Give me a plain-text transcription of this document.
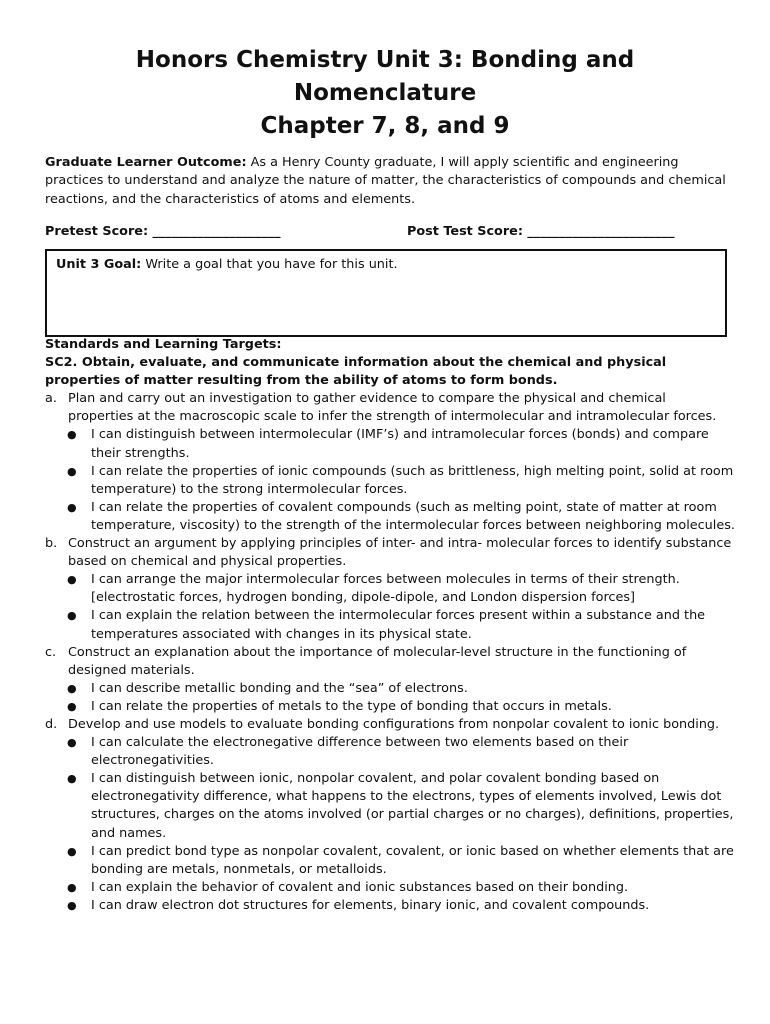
Honors Chemistry Unit 3: Bonding and
Nomenclature
Chapter 7, 8, and 9
Graduate Learner Outcome: As a Henry County graduate, I will apply scientific and engineering practices to understand and analyze the nature of matter, the characteristics of compounds and chemical reactions, and the characteristics of atoms and elements.
Pretest Score: ____________________	Post Test Score: _______________________
Unit 3 Goal: Write a goal that you have for this unit.
Standards and Learning Targets:
SC2. Obtain, evaluate, and communicate information about the chemical and physical properties of matter resulting from the ability of atoms to form bonds.
a. Plan and carry out an investigation to gather evidence to compare the physical and chemical properties at the macroscopic scale to infer the strength of intermolecular and intramolecular forces.
● I can distinguish between intermolecular (IMF’s) and intramolecular forces (bonds) and compare their strengths.
● I can relate the properties of ionic compounds (such as brittleness, high melting point, solid at room temperature) to the strong intermolecular forces.
● I can relate the properties of covalent compounds (such as melting point, state of matter at room temperature, viscosity) to the strength of the intermolecular forces between neighboring molecules.
b. Construct an argument by applying principles of inter- and intra- molecular forces to identify substance based on chemical and physical properties.
● I can arrange the major intermolecular forces between molecules in terms of their strength. [electrostatic forces, hydrogen bonding, dipole-dipole, and London dispersion forces]
● I can explain the relation between the intermolecular forces present within a substance and the temperatures associated with changes in its physical state.
c. Construct an explanation about the importance of molecular-level structure in the functioning of designed materials.
● I can describe metallic bonding and the “sea” of electrons.
● I can relate the properties of metals to the type of bonding that occurs in metals.
d. Develop and use models to evaluate bonding configurations from nonpolar covalent to ionic bonding.
● I can calculate the electronegative difference between two elements based on their electronegativities.
● I can distinguish between ionic, nonpolar covalent, and polar covalent bonding based on electronegativity difference, what happens to the electrons, types of elements involved, Lewis dot structures, charges on the atoms involved (or partial charges or no charges), definitions, properties, and names.
● I can predict bond type as nonpolar covalent, covalent, or ionic based on whether elements that are bonding are metals, nonmetals, or metalloids.
● I can explain the behavior of covalent and ionic substances based on their bonding.
● I can draw electron dot structures for elements, binary ionic, and covalent compounds.
